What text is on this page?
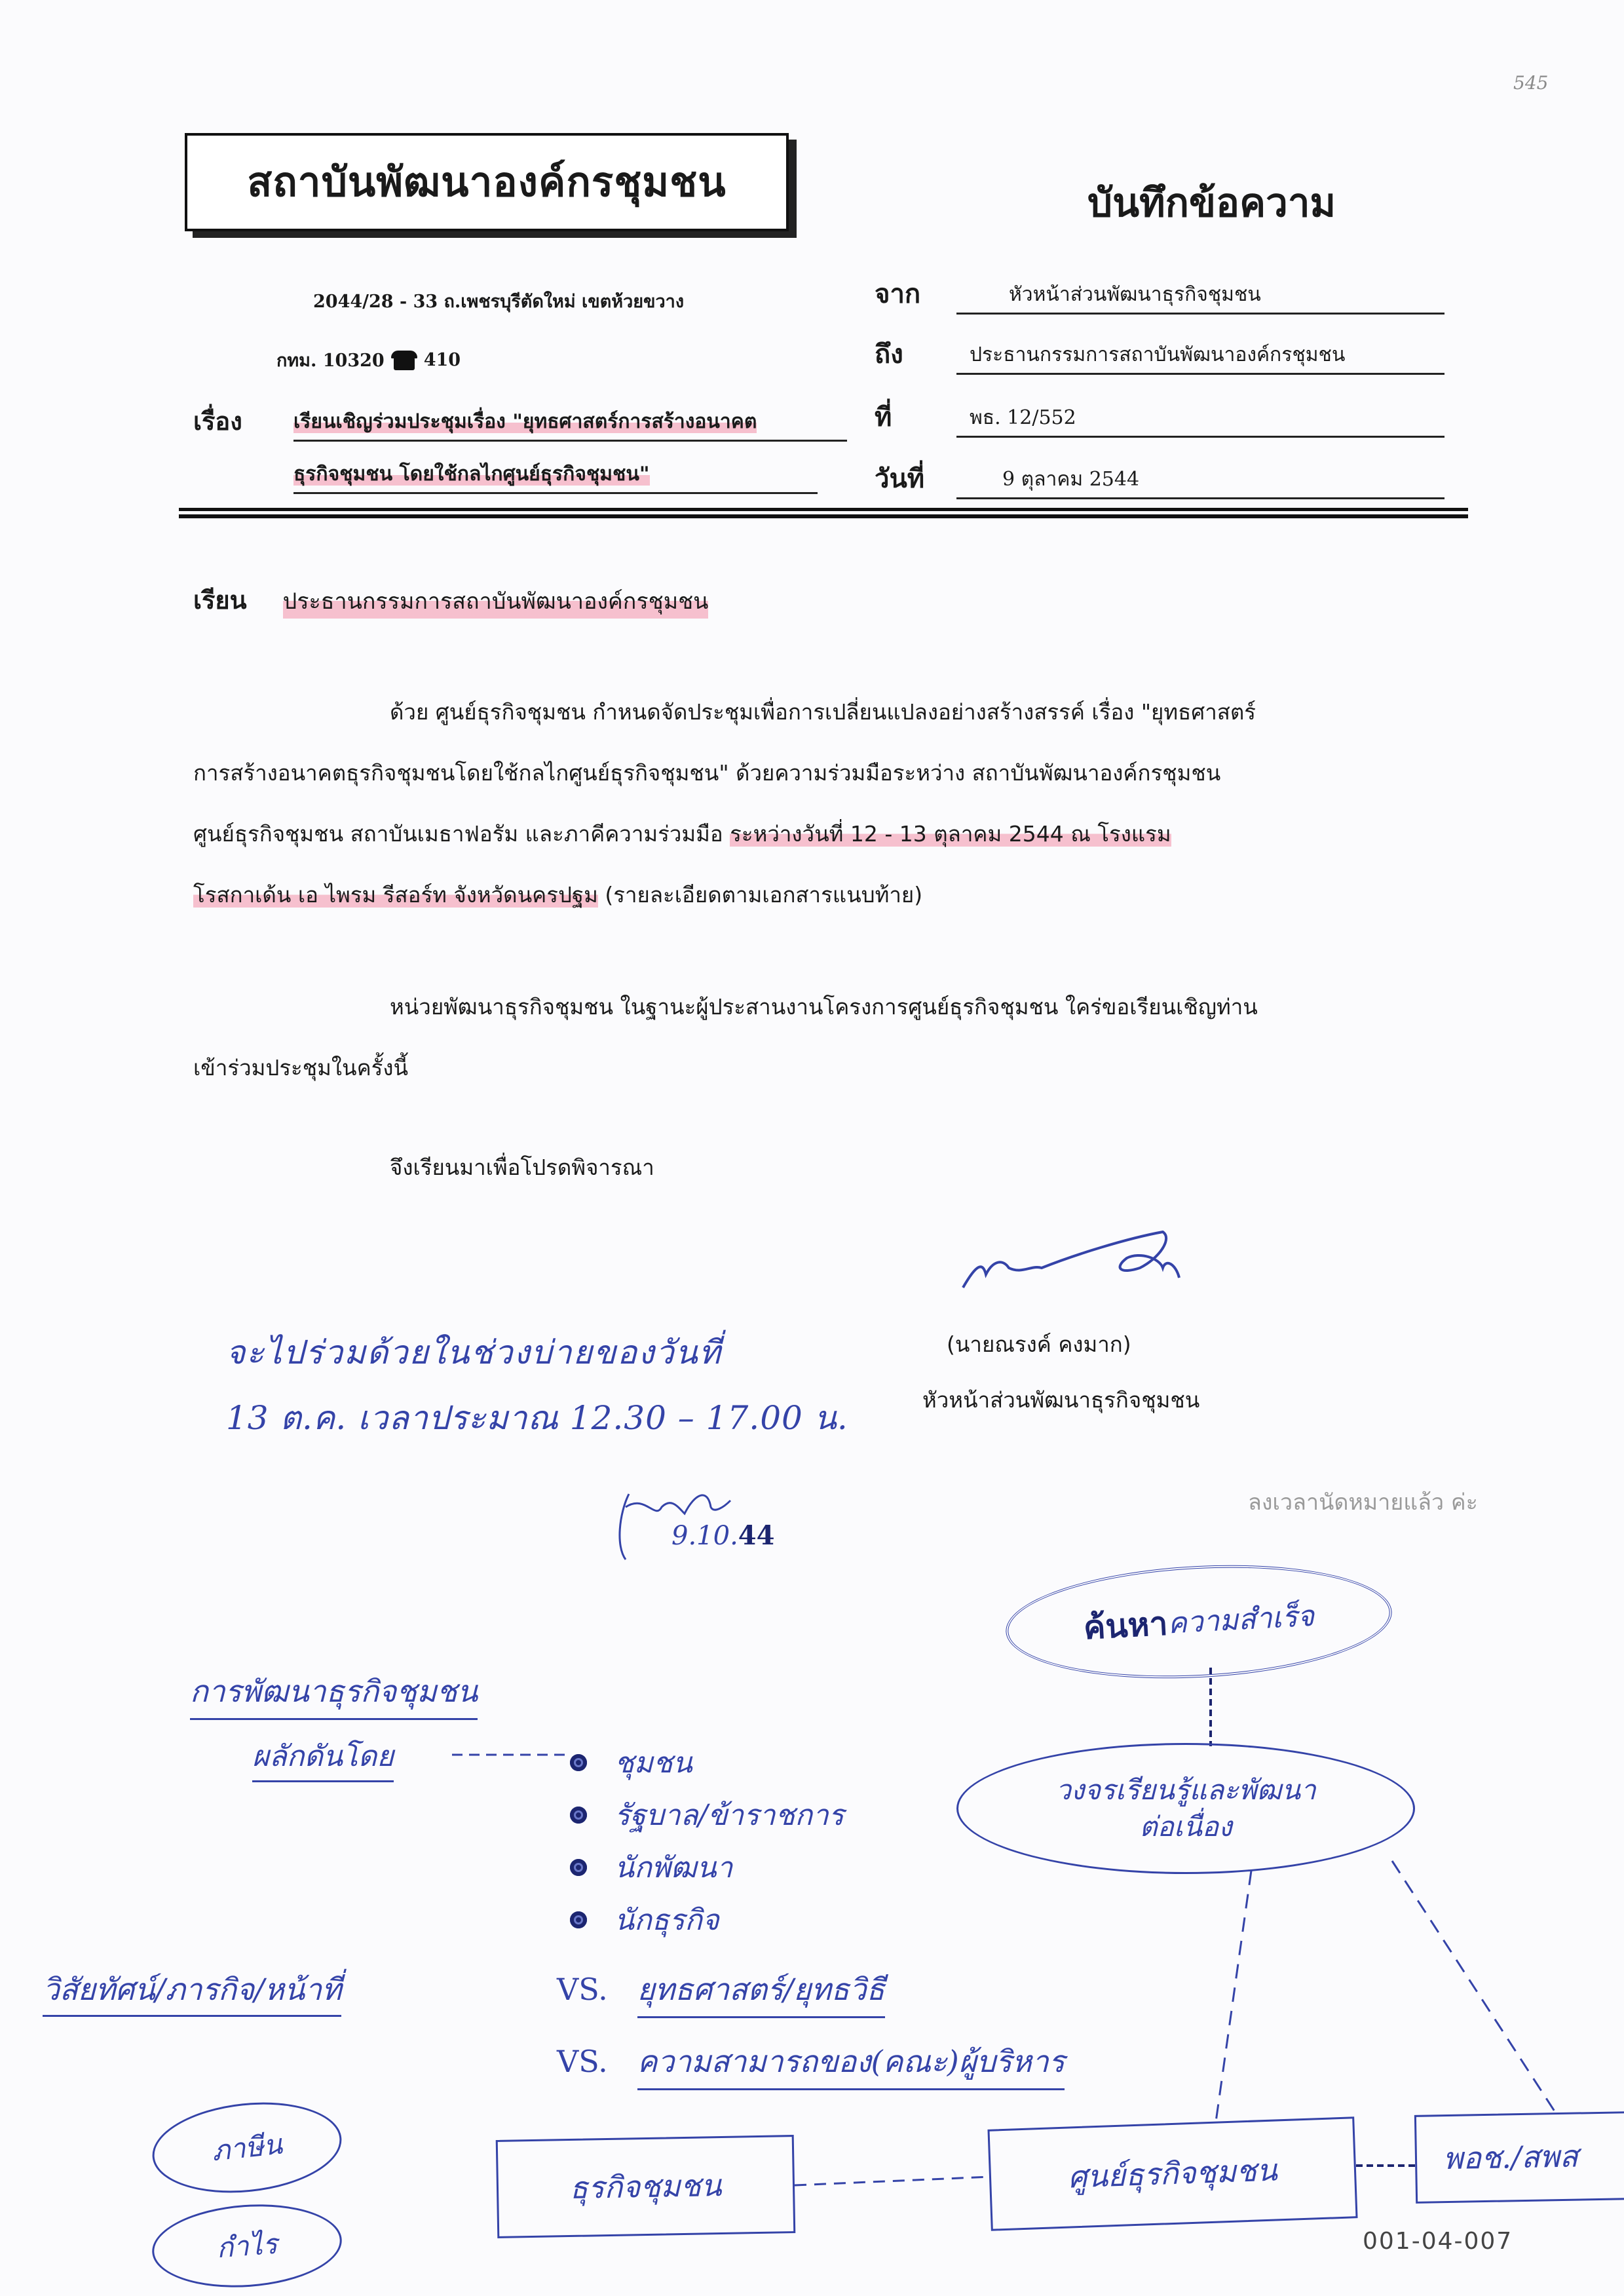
545
สถาบันพัฒนาองค์กรชุมชน	บันทึกข้อความ
2044/28 - 33 ถ.เพชรบุรีตัดใหม่ เขตห้วยขวาง
กทม. 10320 410
เรื่อง	เรียนเชิญร่วมประชุมเรื่อง "ยุทธศาสตร์การสร้างอนาคต
ธุรกิจชุมชน โดยใช้กลไกศูนย์ธุรกิจชุมชน"
จาก	หัวหน้าส่วนพัฒนาธุรกิจชุมชน
ถึง	ประธานกรรมการสถาบันพัฒนาองค์กรชุมชน
ที่	พธ. 12/552
วันที่	9 ตุลาคม 2544
เรียน ประธานกรรมการสถาบันพัฒนาองค์กรชุมชน
ด้วย ศูนย์ธุรกิจชุมชน กำหนดจัดประชุมเพื่อการเปลี่ยนแปลงอย่างสร้างสรรค์ เรื่อง "ยุทธศาสตร์
การสร้างอนาคตธุรกิจชุมชนโดยใช้กลไกศูนย์ธุรกิจชุมชน" ด้วยความร่วมมือระหว่าง สถาบันพัฒนาองค์กรชุมชน
ศูนย์ธุรกิจชุมชน สถาบันเมธาฟอรัม และภาคีความร่วมมือ ระหว่างวันที่ 12 - 13 ตุลาคม 2544 ณ โรงแรม
โรสกาเด้น เอ ไพรม รีสอร์ท จังหวัดนครปฐม (รายละเอียดตามเอกสารแนบท้าย)
หน่วยพัฒนาธุรกิจชุมชน ในฐานะผู้ประสานงานโครงการศูนย์ธุรกิจชุมชน ใคร่ขอเรียนเชิญท่าน
เข้าร่วมประชุมในครั้งนี้
จึงเรียนมาเพื่อโปรดพิจารณา
(นายณรงค์ คงมาก)
หัวหน้าส่วนพัฒนาธุรกิจชุมชน
จะไปร่วมด้วยในช่วงบ่ายของวันที่
13 ต.ค. เวลาประมาณ 12.30 – 17.00 น.
9.10.44
ลงเวลานัดหมายแล้ว ค่ะ
ค้นหา
ความสำเร็จ
วงจรเรียนรู้และพัฒนา
ต่อเนื่อง
การพัฒนาธุรกิจชุมชน
ผลักดันโดย	ชุมชน
รัฐบาล/ข้าราชการ
นักพัฒนา
นักธุรกิจ
วิสัยทัศน์/ภารกิจ/หน้าที่	VS. ยุทธศาสตร์/ยุทธวิธี
VS. ความสามารถของ(คณะ)ผู้บริหาร
ภาษีน
กำไร
ธุรกิจชุมชน	ศูนย์ธุรกิจชุมชน	พอช./สพส
001-04-007
